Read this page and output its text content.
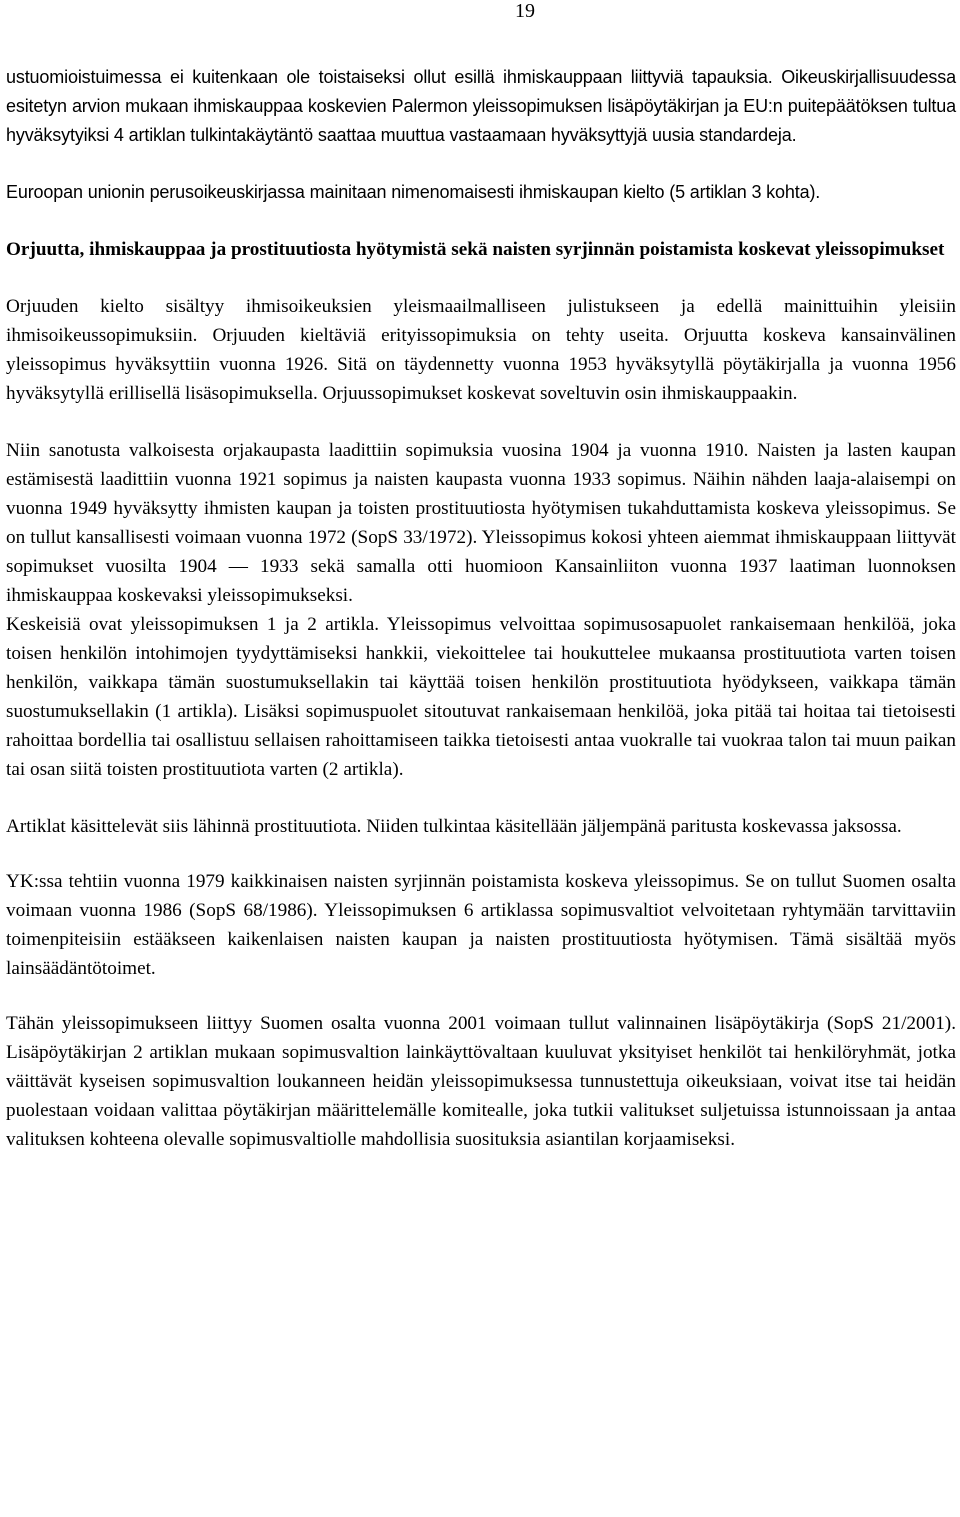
19

ustuomioistuimessa ei kuitenkaan ole toistaiseksi ollut esillä ihmiskauppaan liittyviä tapauksia. Oikeuskirjallisuudessa esitetyn arvion mukaan ihmiskauppaa koskevien Palermon yleissopimuksen lisäpöytäkirjan ja EU:n puitepäätöksen tultua hyväksytyiksi 4 artiklan tulkintakäytäntö saattaa muuttua vastaamaan hyväksyttyjä uusia standardeja.

Euroopan unionin perusoikeuskirjassa mainitaan nimenomaisesti ihmiskaupan kielto (5 artiklan 3 kohta).

Orjuutta, ihmiskauppaa ja prostituutiosta hyötymistä sekä naisten syrjinnän poistamista koskevat yleissopimukset

Orjuuden kielto sisältyy ihmisoikeuksien yleismaailmalliseen julistukseen ja edellä mainittuihin yleisiin ihmisoikeussopimuksiin. Orjuuden kieltäviä erityissopimuksia on tehty useita. Orjuutta koskeva kansainvälinen yleissopimus hyväksyttiin vuonna 1926. Sitä on täydennetty vuonna 1953 hyväksytyllä pöytäkirjalla ja vuonna 1956 hyväksytyllä erillisellä lisäsopimuksella. Orjuussopimukset koskevat soveltuvin osin ihmiskauppaakin.

Niin sanotusta valkoisesta orjakaupasta laadittiin sopimuksia vuosina 1904 ja vuonna 1910. Naisten ja lasten kaupan estämisestä laadittiin vuonna 1921 sopimus ja naisten kaupasta vuonna 1933 sopimus. Näihin nähden laaja-alaisempi on vuonna 1949 hyväksytty ihmisten kaupan ja toisten prostituutiosta hyötymisen tukahduttamista koskeva yleissopimus. Se on tullut kansallisesti voimaan vuonna 1972 (SopS 33/1972). Yleissopimus kokosi yhteen aiemmat ihmiskauppaan liittyvät sopimukset vuosilta 1904 — 1933 sekä samalla otti huomioon Kansainliiton vuonna 1937 laatiman luonnoksen ihmiskauppaa koskevaksi yleissopimukseksi.

Keskeisiä ovat yleissopimuksen 1 ja 2 artikla. Yleissopimus velvoittaa sopimusosapuolet rankaisemaan henkilöä, joka toisen henkilön intohimojen tyydyttämiseksi hankkii, viekoittelee tai houkuttelee mukaansa prostituutiota varten toisen henkilön, vaikkapa tämän suostumuksellakin tai käyttää toisen henkilön prostituutiota hyödykseen, vaikkapa tämän suostumuksellakin (1 artikla). Lisäksi sopimuspuolet sitoutuvat rankaisemaan henkilöä, joka pitää tai hoitaa tai tietoisesti rahoittaa bordellia tai osallistuu sellaisen rahoittamiseen taikka tietoisesti antaa vuokralle tai vuokraa talon tai muun paikan tai osan siitä toisten prostituutiota varten (2 artikla).

Artiklat käsittelevät siis lähinnä prostituutiota. Niiden tulkintaa käsitellään jäljempänä paritusta koskevassa jaksossa.

YK:ssa tehtiin vuonna 1979 kaikkinaisen naisten syrjinnän poistamista koskeva yleissopimus. Se on tullut Suomen osalta voimaan vuonna 1986 (SopS 68/1986). Yleissopimuksen 6 artiklassa sopimusvaltiot velvoitetaan ryhtymään tarvittaviin toimenpiteisiin estääkseen kaikenlaisen naisten kaupan ja naisten prostituutiosta hyötymisen. Tämä sisältää myös lainsäädäntötoimet.

Tähän yleissopimukseen liittyy Suomen osalta vuonna 2001 voimaan tullut valinnainen lisäpöytäkirja (SopS 21/2001). Lisäpöytäkirjan 2 artiklan mukaan sopimusvaltion lainkäyttövaltaan kuuluvat yksityiset henkilöt tai henkilöryhmät, jotka väittävät kyseisen sopimusvaltion loukanneen heidän yleissopimuksessa tunnustettuja oikeuksiaan, voivat itse tai heidän puolestaan voidaan valittaa pöytäkirjan määrittelemälle komitealle, joka tutkii valitukset suljetuissa istunnoissaan ja antaa valituksen kohteena olevalle sopimusvaltiolle mahdollisia suosituksia asiantilan korjaamiseksi.
